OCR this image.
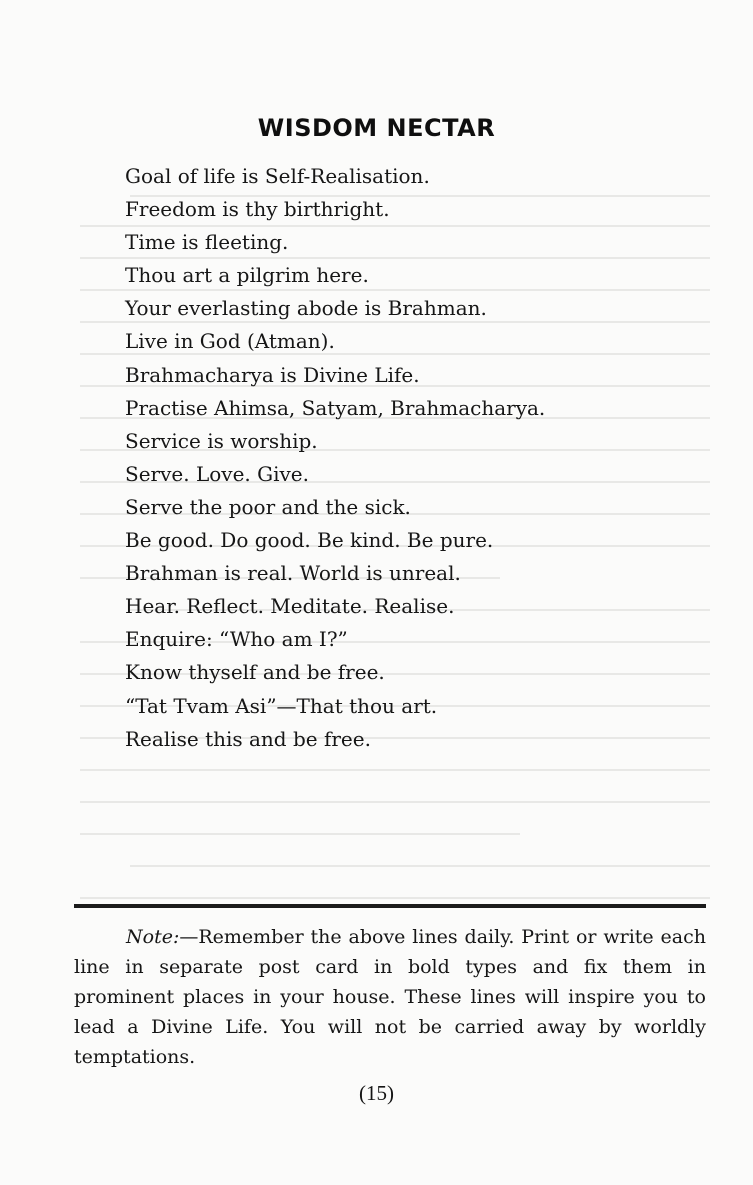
WISDOM NECTAR
Goal of life is Self-Realisation.
Freedom is thy birthright.
Time is fleeting.
Thou art a pilgrim here.
Your everlasting abode is Brahman.
Live in God (Atman).
Brahmacharya is Divine Life.
Practise Ahimsa, Satyam, Brahmacharya.
Service is worship.
Serve. Love. Give.
Serve the poor and the sick.
Be good. Do good. Be kind. Be pure.
Brahman is real. World is unreal.
Hear. Reflect. Meditate. Realise.
Enquire: “Who am I?”
Know thyself and be free.
“Tat Tvam Asi”—That thou art.
Realise this and be free.

Note:—Remember the above lines daily. Print or write each line in separate post card in bold types and fix them in prominent places in your house. These lines will inspire you to lead a Divine Life. You will not be carried away by worldly temptations.

(15)
